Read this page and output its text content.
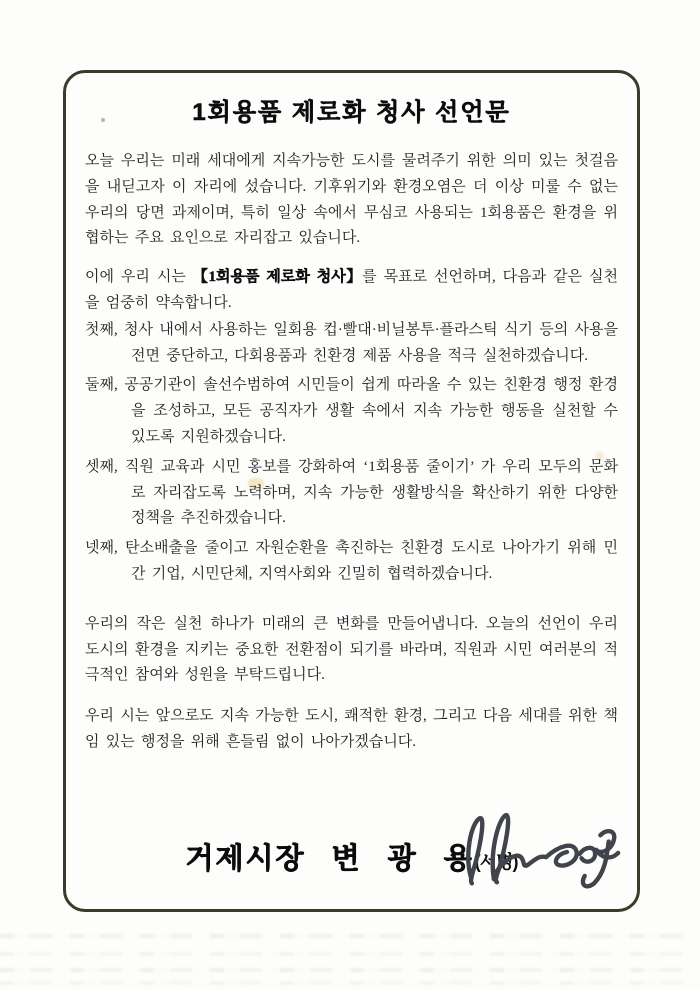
1회용품 제로화 청사 선언문

오늘 우리는 미래 세대에게 지속가능한 도시를 물려주기 위한 의미 있는 첫걸음을 내딛고자 이 자리에 섰습니다. 기후위기와 환경오염은 더 이상 미룰 수 없는 우리의 당면 과제이며, 특히 일상 속에서 무심코 사용되는 1회용품은 환경을 위협하는 주요 요인으로 자리잡고 있습니다.

이에 우리 시는 【1회용품 제로화 청사】를 목표로 선언하며, 다음과 같은 실천을 엄중히 약속합니다.

첫째, 청사 내에서 사용하는 일회용 컵·빨대·비닐봉투·플라스틱 식기 등의 사용을 전면 중단하고, 다회용품과 친환경 제품 사용을 적극 실천하겠습니다.

둘째, 공공기관이 솔선수범하여 시민들이 쉽게 따라올 수 있는 친환경 행정 환경을 조성하고, 모든 공직자가 생활 속에서 지속 가능한 행동을 실천할 수 있도록 지원하겠습니다.

셋째, 직원 교육과 시민 홍보를 강화하여 ‘1회용품 줄이기’ 가 우리 모두의 문화로 자리잡도록 노력하며, 지속 가능한 생활방식을 확산하기 위한 다양한 정책을 추진하겠습니다.

넷째, 탄소배출을 줄이고 자원순환을 촉진하는 친환경 도시로 나아가기 위해 민간 기업, 시민단체, 지역사회와 긴밀히 협력하겠습니다.

우리의 작은 실천 하나가 미래의 큰 변화를 만들어냅니다. 오늘의 선언이 우리 도시의 환경을 지키는 중요한 전환점이 되기를 바라며, 직원과 시민 여러분의 적극적인 참여와 성원을 부탁드립니다.

우리 시는 앞으로도 지속 가능한 도시, 쾌적한 환경, 그리고 다음 세대를 위한 책임 있는 행정을 위해 흔들림 없이 나아가겠습니다.

거제시장 변 광 용(서명)
